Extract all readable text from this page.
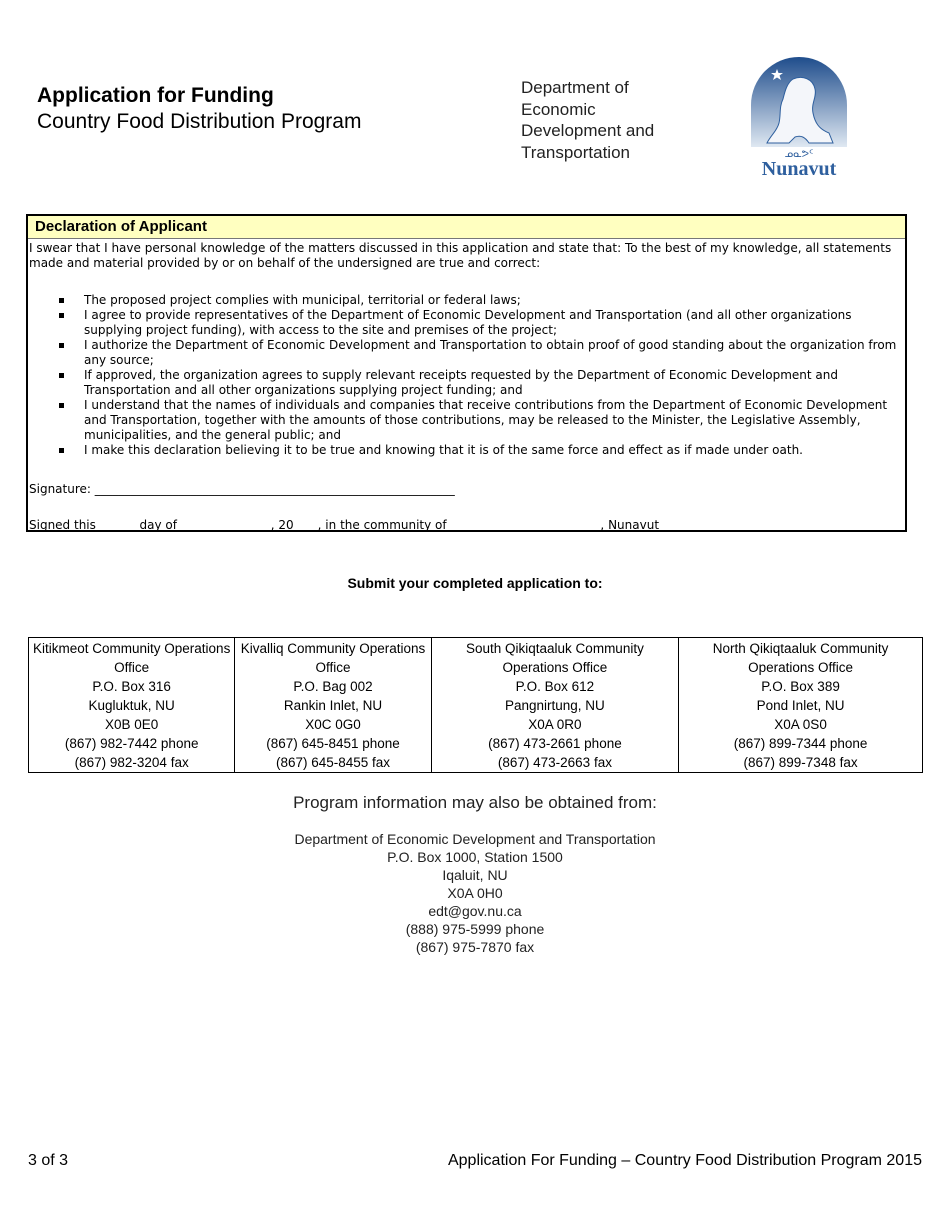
Application for Funding
Country Food Distribution Program
Department of Economic Development and Transportation	ᓄᓇᕗᑦ
Nunavut
Declaration of Applicant
I swear that I have personal knowledge of the matters discussed in this application and state that: To the best of my knowledge, all statements made and material provided by or on behalf of the undersigned are true and correct:
The proposed project complies with municipal, territorial or federal laws;
I agree to provide representatives of the Department of Economic Development and Transportation (and all other organizations supplying project funding), with access to the site and premises of the project;
I authorize the Department of Economic Development and Transportation to obtain proof of good standing about the organization from any source;
If approved, the organization agrees to supply relevant receipts requested by the Department of Economic Development and Transportation and all other organizations supplying project funding; and
I understand that the names of individuals and companies that receive contributions from the Department of Economic Development and Transportation, together with the amounts of those contributions, may be released to the Minister, the Legislative Assembly, municipalities, and the general public; and
I make this declaration believing it to be true and knowing that it is of the same force and effect as if made under oath.
Signature: ____________________________________________________________
Signed this ______ day of _______________, 20____, in the community of _________________________, Nunavut
Submit your completed application to:
Kitikmeot Community Operations Office
P.O. Box 316
Kugluktuk, NU
X0B 0E0
(867) 982-7442 phone
(867) 982-3204 fax

Kivalliq Community Operations Office
P.O. Bag 002
Rankin Inlet, NU
X0C 0G0
(867) 645-8451 phone
(867) 645-8455 fax

South Qikiqtaaluk Community Operations Office
P.O. Box 612
Pangnirtung, NU
X0A 0R0
(867) 473-2661 phone
(867) 473-2663 fax

North Qikiqtaaluk Community Operations Office
P.O. Box 389
Pond Inlet, NU
X0A 0S0
(867) 899-7344 phone
(867) 899-7348 fax
Program information may also be obtained from:
Department of Economic Development and Transportation
P.O. Box 1000, Station 1500
Iqaluit, NU
X0A 0H0
edt@gov.nu.ca
(888) 975-5999 phone
(867) 975-7870 fax
3 of 3	Application For Funding – Country Food Distribution Program 2015
